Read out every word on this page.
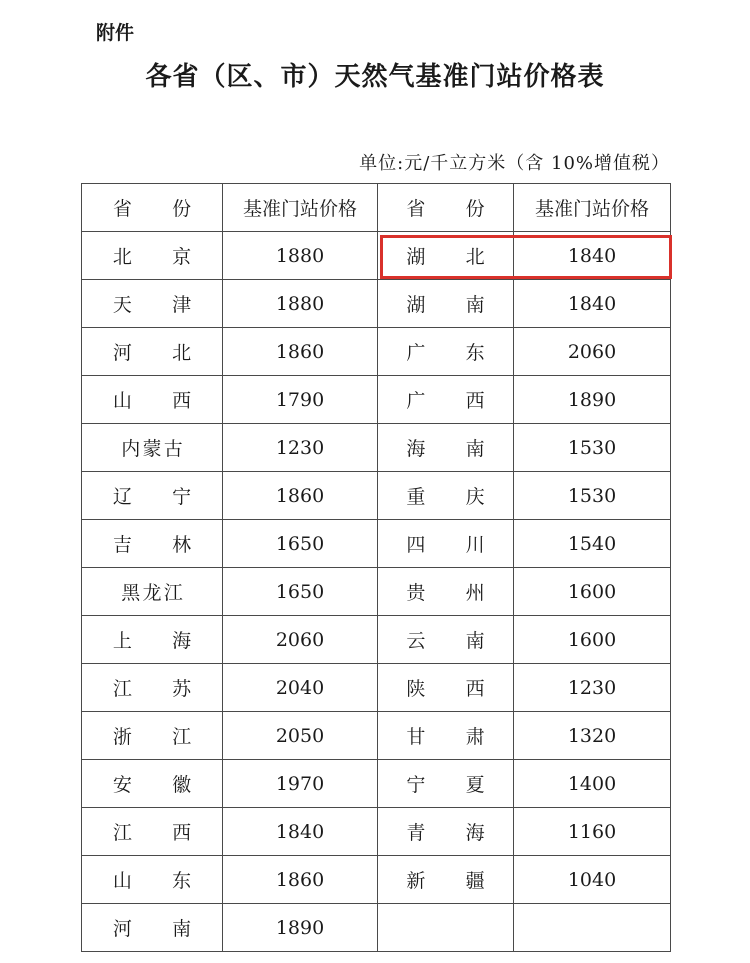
附件
各省（区、市）天然气基准门站价格表
单位:元/千立方米（含 10%增值税）
省 份	基准门站价格	省 份	基准门站价格
北 京	1880	湖 北	1840
天 津	1880	湖 南	1840
河 北	1860	广 东	2060
山 西	1790	广 西	1890
内蒙古	1230	海 南	1530
辽 宁	1860	重 庆	1530
吉 林	1650	四 川	1540
黑龙江	1650	贵 州	1600
上 海	2060	云 南	1600
江 苏	2040	陕 西	1230
浙 江	2050	甘 肃	1320
安 徽	1970	宁 夏	1400
江 西	1840	青 海	1160
山 东	1860	新 疆	1040
河 南	1890		
